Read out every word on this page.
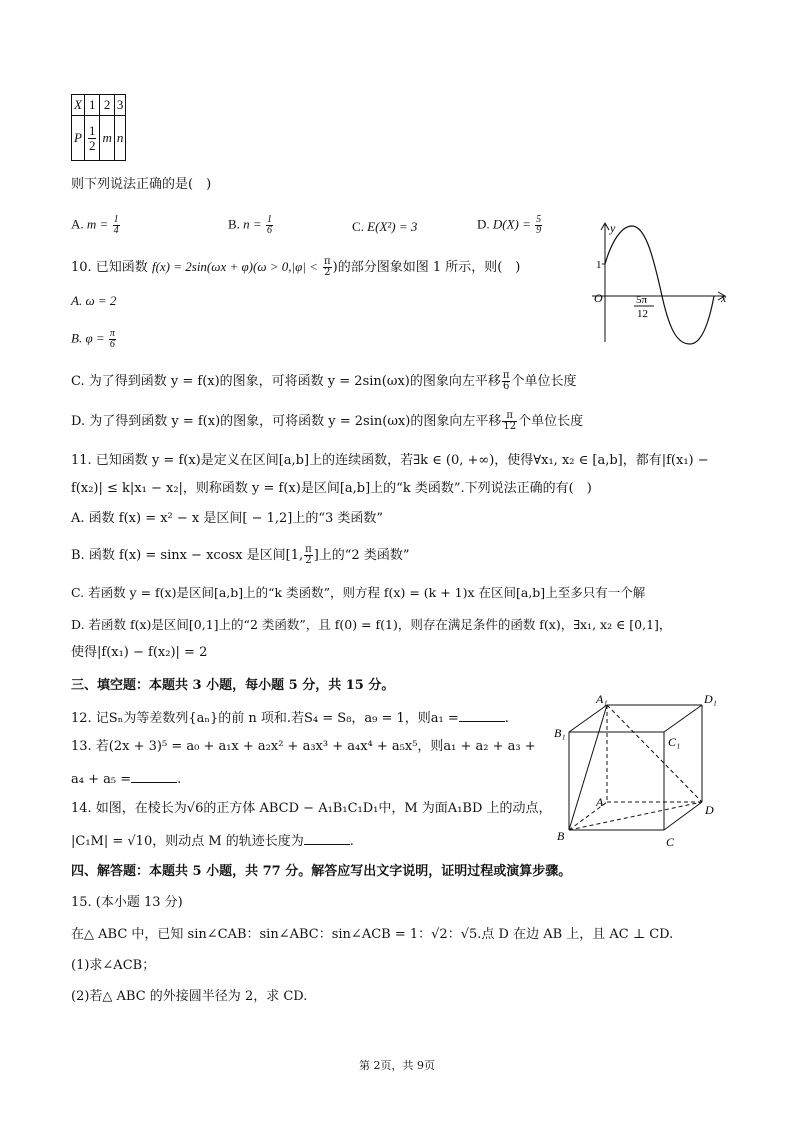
X	1	2	3
P	$\frac{1}{2}$	m	n
则下列说法正确的是(　)
A. $m = \frac{1}{4}$	B. $n = \frac{1}{6}$	C. E(X²) = 3	D. $D(X) = \frac{5}{9}$
10. 已知函数 $f(x) = 2\sin(\omega x + \varphi)(\omega > 0,|\varphi| < \frac{\pi}{2}$ )的部分图象如图 1 所示，则(　)
A. ω = 2
B. $\varphi = \frac{\pi}{6}$
C. 为了得到函数 y = f(x)的图象，可将函数 y = 2sin(ωx)的图象向左平移 $\frac{\pi}{6}$ 个单位长度
D. 为了得到函数 y = f(x)的图象，可将函数 y = 2sin(ωx)的图象向左平移 $\frac{\pi}{12}$ 个单位长度
y
x
O
1
5π
12
11. 已知函数 y = f(x)是定义在区间[a,b]上的连续函数，若∃k ∈ (0, +∞)，使得∀x₁, x₂ ∈ [a,b]，都有|f(x₁) −
f(x₂)| ≤ k|x₁ − x₂|，则称函数 y = f(x)是区间[a,b]上的“k 类函数”.下列说法正确的有(　)
A. 函数 f(x) = x² − x 是区间[ − 1,2]上的“3 类函数”
B. 函数 f(x) = sinx − xcosx 是区间[1, $\frac{\pi}{2}$ ]上的“2 类函数”
C. 若函数 y = f(x)是区间[a,b]上的“k 类函数”，则方程 f(x) = (k + 1)x 在区间[a,b]上至多只有一个解
D. 若函数 f(x)是区间[0,1]上的“2 类函数”，且 f(0) = f(1)，则存在满足条件的函数 f(x)，∃x₁, x₂ ∈ [0,1]，
使得|f(x₁) − f(x₂)| = 2
三、填空题：本题共 3 小题，每小题 5 分，共 15 分。
12. 记Sₙ为等差数列{aₙ}的前 n 项和.若S₄ = S₈，a₉ = 1，则a₁ =	.
13. 若(2x + 3)⁵ = a₀ + a₁x + a₂x² + a₃x³ + a₄x⁴ + a₅x⁵，则a₁ + a₂ + a₃ +
a₄ + a₅ =	.
14. 如图，在棱长为√6的正方体 ABCD − A₁B₁C₁D₁中，M 为面A₁BD 上的动点，
|C₁M| = √10，则动点 M 的轨迹长度为	.
A₁	D₁
B₁
C₁
A
D
B	C
四、解答题：本题共 5 小题，共 77 分。解答应写出文字说明，证明过程或演算步骤。
15. (本小题 13 分)
在△ ABC 中，已知 sin∠CAB：sin∠ABC：sin∠ACB = 1：√2：√5.点 D 在边 AB 上，且 AC ⊥ CD.
(1)求∠ACB；
(2)若△ ABC 的外接圆半径为 2，求 CD.
第 2页，共 9页
